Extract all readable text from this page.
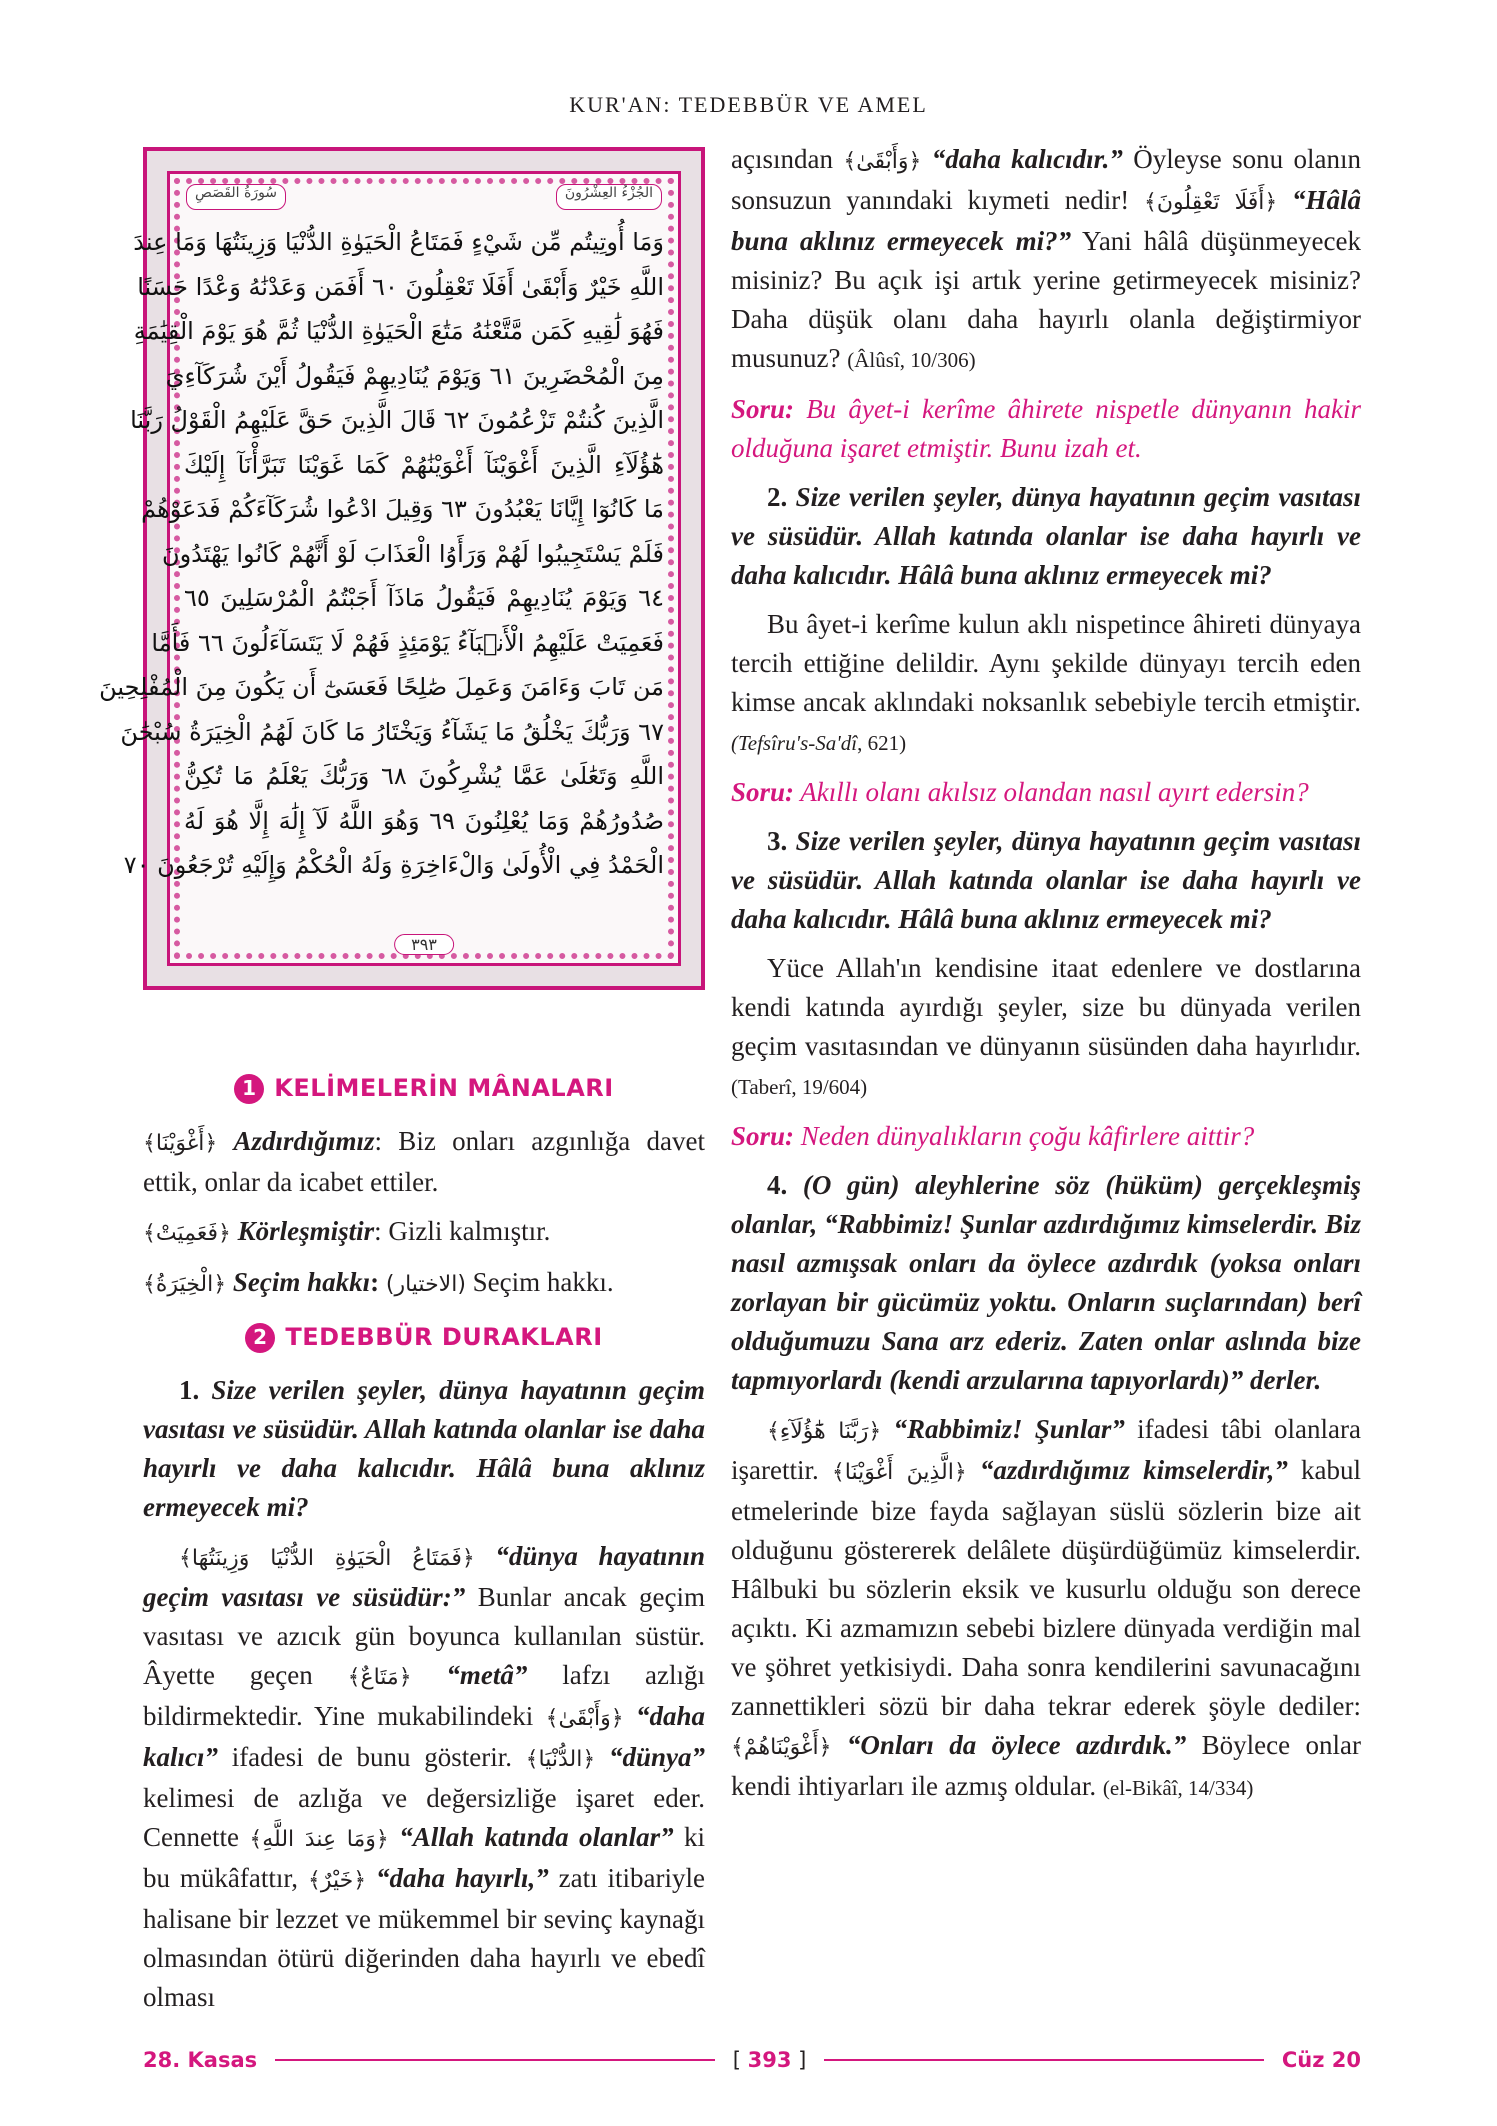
KUR'AN: TEDEBBÜR VE AMEL
الجُزْءُ العِشْرُونَ
سُورَةُ القَصَصِ
وَمَا أُوتِيتُم مِّن شَيْءٍ فَمَتَاعُ الْحَيَوٰةِ الدُّنْيَا وَزِينَتُهَا وَمَا عِندَ
اللَّهِ خَيْرٌ وَأَبْقَىٰ أَفَلَا تَعْقِلُونَ ٦٠ أَفَمَن وَعَدْنَٰهُ وَعْدًا حَسَنًا
فَهُوَ لَٰقِيهِ كَمَن مَّتَّعْنَٰهُ مَتَٰعَ الْحَيَوٰةِ الدُّنْيَا ثُمَّ هُوَ يَوْمَ الْقِيَٰمَةِ
مِنَ الْمُحْضَرِينَ ٦١ وَيَوْمَ يُنَادِيهِمْ فَيَقُولُ أَيْنَ شُرَكَآءِيَ
الَّذِينَ كُنتُمْ تَزْعُمُونَ ٦٢ قَالَ الَّذِينَ حَقَّ عَلَيْهِمُ الْقَوْلُ رَبَّنَا
هَٰٓؤُلَآءِ الَّذِينَ أَغْوَيْنَآ أَغْوَيْنَٰهُمْ كَمَا غَوَيْنَا تَبَرَّأْنَآ إِلَيْكَ
مَا كَانُوٓا إِيَّانَا يَعْبُدُونَ ٦٣ وَقِيلَ ادْعُوا شُرَكَآءَكُمْ فَدَعَوْهُمْ
فَلَمْ يَسْتَجِيبُوا لَهُمْ وَرَأَوُا الْعَذَابَ لَوْ أَنَّهُمْ كَانُوا يَهْتَدُونَ
٦٤ وَيَوْمَ يُنَادِيهِمْ فَيَقُولُ مَاذَآ أَجَبْتُمُ الْمُرْسَلِينَ ٦٥
فَعَمِيَتْ عَلَيْهِمُ الْأَنۢبَآءُ يَوْمَئِذٍ فَهُمْ لَا يَتَسَآءَلُونَ ٦٦ فَأَمَّا
مَن تَابَ وَءَامَنَ وَعَمِلَ صَٰلِحًا فَعَسَىٰٓ أَن يَكُونَ مِنَ الْمُفْلِحِينَ
٦٧ وَرَبُّكَ يَخْلُقُ مَا يَشَآءُ وَيَخْتَارُ مَا كَانَ لَهُمُ الْخِيَرَةُ سُبْحَٰنَ
اللَّهِ وَتَعَٰلَىٰ عَمَّا يُشْرِكُونَ ٦٨ وَرَبُّكَ يَعْلَمُ مَا تُكِنُّ
صُدُورُهُمْ وَمَا يُعْلِنُونَ ٦٩ وَهُوَ اللَّهُ لَآ إِلَٰهَ إِلَّا هُوَ لَهُ
الْحَمْدُ فِي الْأُولَىٰ وَالْءَاخِرَةِ وَلَهُ الْحُكْمُ وَإِلَيْهِ تُرْجَعُونَ ٧٠
٣٩٣
1 KELİMELERİN MÂNALARI

﴿أَغْوَيْنَا﴾ Azdırdığımız: Biz onları azgınlığa davet ettik, onlar da icabet ettiler.

﴿فَعَمِيَتْ﴾ Körleşmiştir: Gizli kalmıştır.

﴿الْخِيَرَةُ﴾ Seçim hakkı: (الاختيار) Seçim hakkı.

2 TEDEBBÜR DURAKLARI

1. Size verilen şeyler, dünya hayatının geçim vasıtası ve süsüdür. Allah katında olanlar ise daha hayırlı ve daha kalıcıdır. Hâlâ buna aklınız ermeyecek mi?

﴿فَمَتَاعُ الْحَيَوٰةِ الدُّنْيَا وَزِينَتُهَا﴾ “dünya hayatının geçim vasıtası ve süsüdür:” Bunlar ancak geçim vasıtası ve azıcık gün boyunca kullanılan süstür. Âyette geçen ﴿مَتَاعٌ﴾ “metâ” lafzı azlığı bildirmektedir. Yine mukabilindeki ﴿وَأَبْقَىٰ﴾ “daha kalıcı” ifadesi de bunu gösterir. ﴿الدُّنْيَا﴾ “dünya” kelimesi de azlığa ve değersizliğe işaret eder. Cennette ﴿وَمَا عِندَ اللَّهِ﴾ “Allah katında olanlar” ki bu mükâfattır, ﴿خَيْرٌ﴾ “daha hayırlı,” zatı itibariyle halisane bir lezzet ve mükemmel bir sevinç kaynağı olmasından ötürü diğerinden daha hayırlı ve ebedî olması

açısından ﴿وَأَبْقَىٰ﴾ “daha kalıcıdır.” Öyleyse sonu olanın sonsuzun yanındaki kıymeti nedir! ﴿أَفَلَا تَعْقِلُونَ﴾ “Hâlâ buna aklınız ermeyecek mi?” Yani hâlâ düşünmeyecek misiniz? Bu açık işi artık yerine getirmeyecek misiniz? Daha düşük olanı daha hayırlı olanla değiştirmiyor musunuz? (Âlûsî, 10/306)

Soru: Bu âyet-i kerîme âhirete nispetle dünyanın hakir olduğuna işaret etmiştir. Bunu izah et.

2. Size verilen şeyler, dünya hayatının geçim vasıtası ve süsüdür. Allah katında olanlar ise daha hayırlı ve daha kalıcıdır. Hâlâ buna aklınız ermeyecek mi?

Bu âyet-i kerîme kulun aklı nispetince âhireti dünyaya tercih ettiğine delildir. Aynı şekilde dünyayı tercih eden kimse ancak aklındaki noksanlık sebebiyle tercih etmiştir. (Tefsîru's-Sa'dî, 621)

Soru: Akıllı olanı akılsız olandan nasıl ayırt edersin?

3. Size verilen şeyler, dünya hayatının geçim vasıtası ve süsüdür. Allah katında olanlar ise daha hayırlı ve daha kalıcıdır. Hâlâ buna aklınız ermeyecek mi?

Yüce Allah'ın kendisine itaat edenlere ve dostlarına kendi katında ayırdığı şeyler, size bu dünyada verilen geçim vasıtasından ve dünyanın süsünden daha hayırlıdır. (Taberî, 19/604)

Soru: Neden dünyalıkların çoğu kâfirlere aittir?

4. (O gün) aleyhlerine söz (hüküm) gerçekleşmiş olanlar, “Rabbimiz! Şunlar azdırdığımız kimselerdir. Biz nasıl azmışsak onları da öylece azdırdık (yoksa onları zorlayan bir gücümüz yoktu. Onların suçlarından) berî olduğumuzu Sana arz ederiz. Zaten onlar aslında bize tapmıyorlardı (kendi arzularına tapıyorlardı)” derler.

﴿رَبَّنَا هَٰٓؤُلَآءِ﴾ “Rabbimiz! Şunlar” ifadesi tâbi olanlara işarettir. ﴿الَّذِينَ أَغْوَيْنَا﴾ “azdırdığımız kimselerdir,” kabul etmelerinde bize fayda sağlayan süslü sözlerin bize ait olduğunu göstererek delâlete düşürdüğümüz kimselerdir. Hâlbuki bu sözlerin eksik ve kusurlu olduğu son derece açıktı. Ki azmamızın sebebi bizlere dünyada verdiğin mal ve şöhret yetkisiydi. Daha sonra kendilerini savunacağını zannettikleri sözü bir daha tekrar ederek şöyle dediler: ﴿أَغْوَيْنَاهُمْ﴾ “Onları da öylece azdırdık.” Böylece onlar kendi ihtiyarları ile azmış oldular. (el-Bikâî, 14/334)

28. Kasas	[ 393 ]	Cüz 20
